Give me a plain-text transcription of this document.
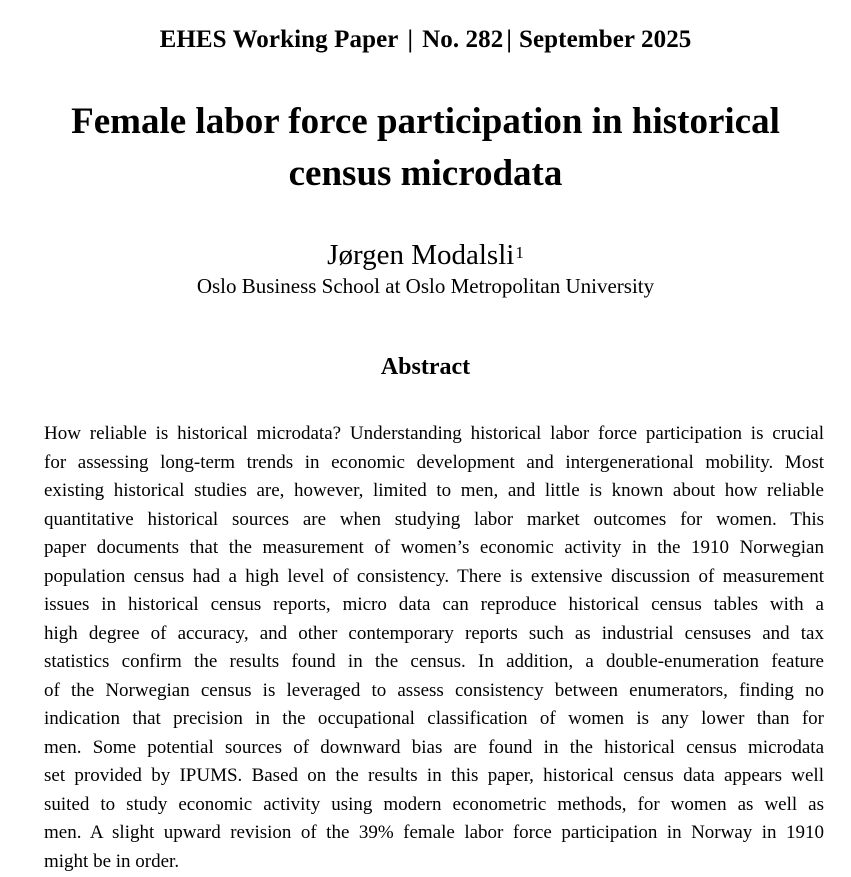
EHES Working Paper | No. 282 | September 2025
Female labor force participation in historical
census microdata
Jørgen Modalsli$^1$
Oslo Business School at Oslo Metropolitan University
Abstract
How reliable is historical microdata? Understanding historical labor force participation is crucial
for assessing long-term trends in economic development and intergenerational mobility. Most
existing historical studies are, however, limited to men, and little is known about how reliable
quantitative historical sources are when studying labor market outcomes for women. This
paper documents that the measurement of women’s economic activity in the 1910 Norwegian
population census had a high level of consistency. There is extensive discussion of measurement
issues in historical census reports, micro data can reproduce historical census tables with a
high degree of accuracy, and other contemporary reports such as industrial censuses and tax
statistics confirm the results found in the census. In addition, a double-enumeration feature
of the Norwegian census is leveraged to assess consistency between enumerators, finding no
indication that precision in the occupational classification of women is any lower than for
men. Some potential sources of downward bias are found in the historical census microdata
set provided by IPUMS. Based on the results in this paper, historical census data appears well
suited to study economic activity using modern econometric methods, for women as well as
men. A slight upward revision of the 39% female labor force participation in Norway in 1910
might be in order.
